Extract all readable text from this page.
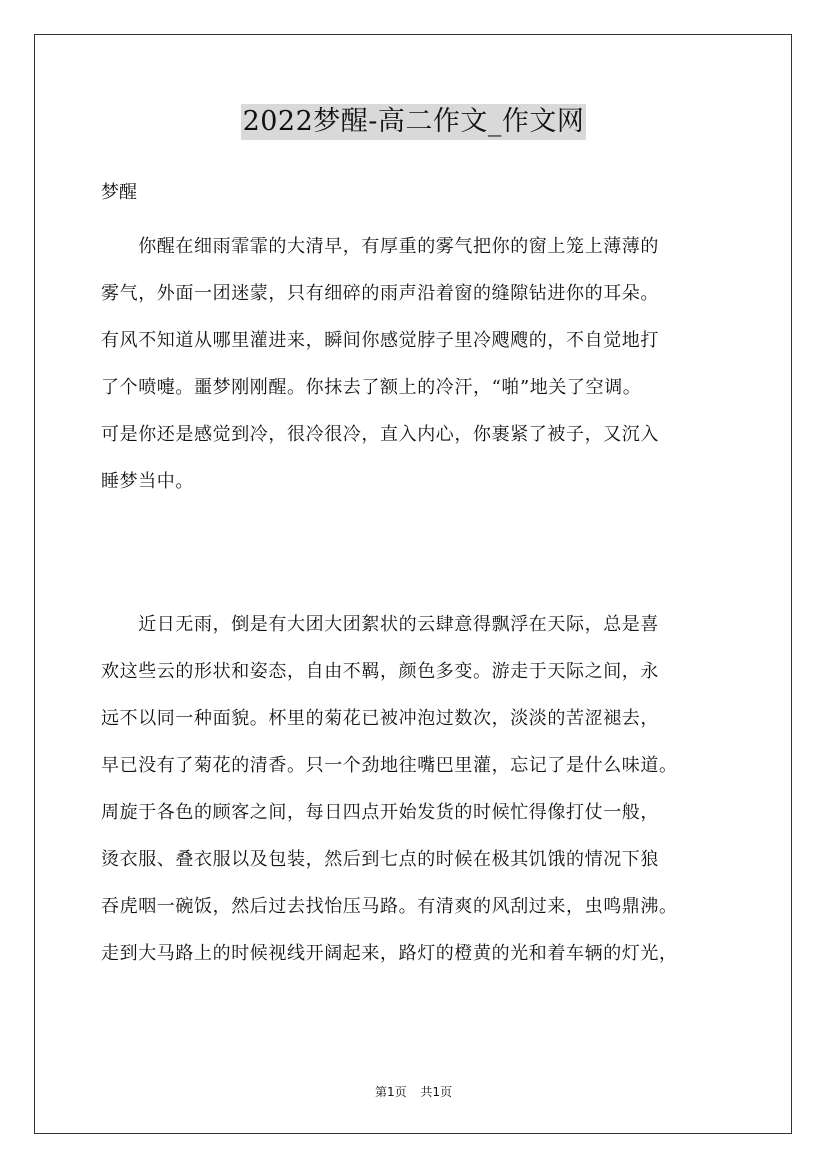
2022梦醒-高二作文_作文网
梦醒
　　你醒在细雨霏霏的大清早，有厚重的雾气把你的窗上笼上薄薄的
雾气，外面一团迷蒙，只有细碎的雨声沿着窗的缝隙钻进你的耳朵。
有风不知道从哪里灌进来，瞬间你感觉脖子里冷飕飕的，不自觉地打
了个喷嚏。噩梦刚刚醒。你抹去了额上的冷汗，“啪”地关了空调。
可是你还是感觉到冷，很冷很冷，直入内心，你裹紧了被子，又沉入
睡梦当中。
　　近日无雨，倒是有大团大团絮状的云肆意得飘浮在天际，总是喜
欢这些云的形状和姿态，自由不羁，颜色多变。游走于天际之间，永
远不以同一种面貌。杯里的菊花已被冲泡过数次，淡淡的苦涩褪去，
早已没有了菊花的清香。只一个劲地往嘴巴里灌，忘记了是什么味道。
周旋于各色的顾客之间，每日四点开始发货的时候忙得像打仗一般，
烫衣服、叠衣服以及包装，然后到七点的时候在极其饥饿的情况下狼
吞虎咽一碗饭，然后过去找怡压马路。有清爽的风刮过来，虫鸣鼎沸。
走到大马路上的时候视线开阔起来，路灯的橙黄的光和着车辆的灯光，
第1页 共1页
